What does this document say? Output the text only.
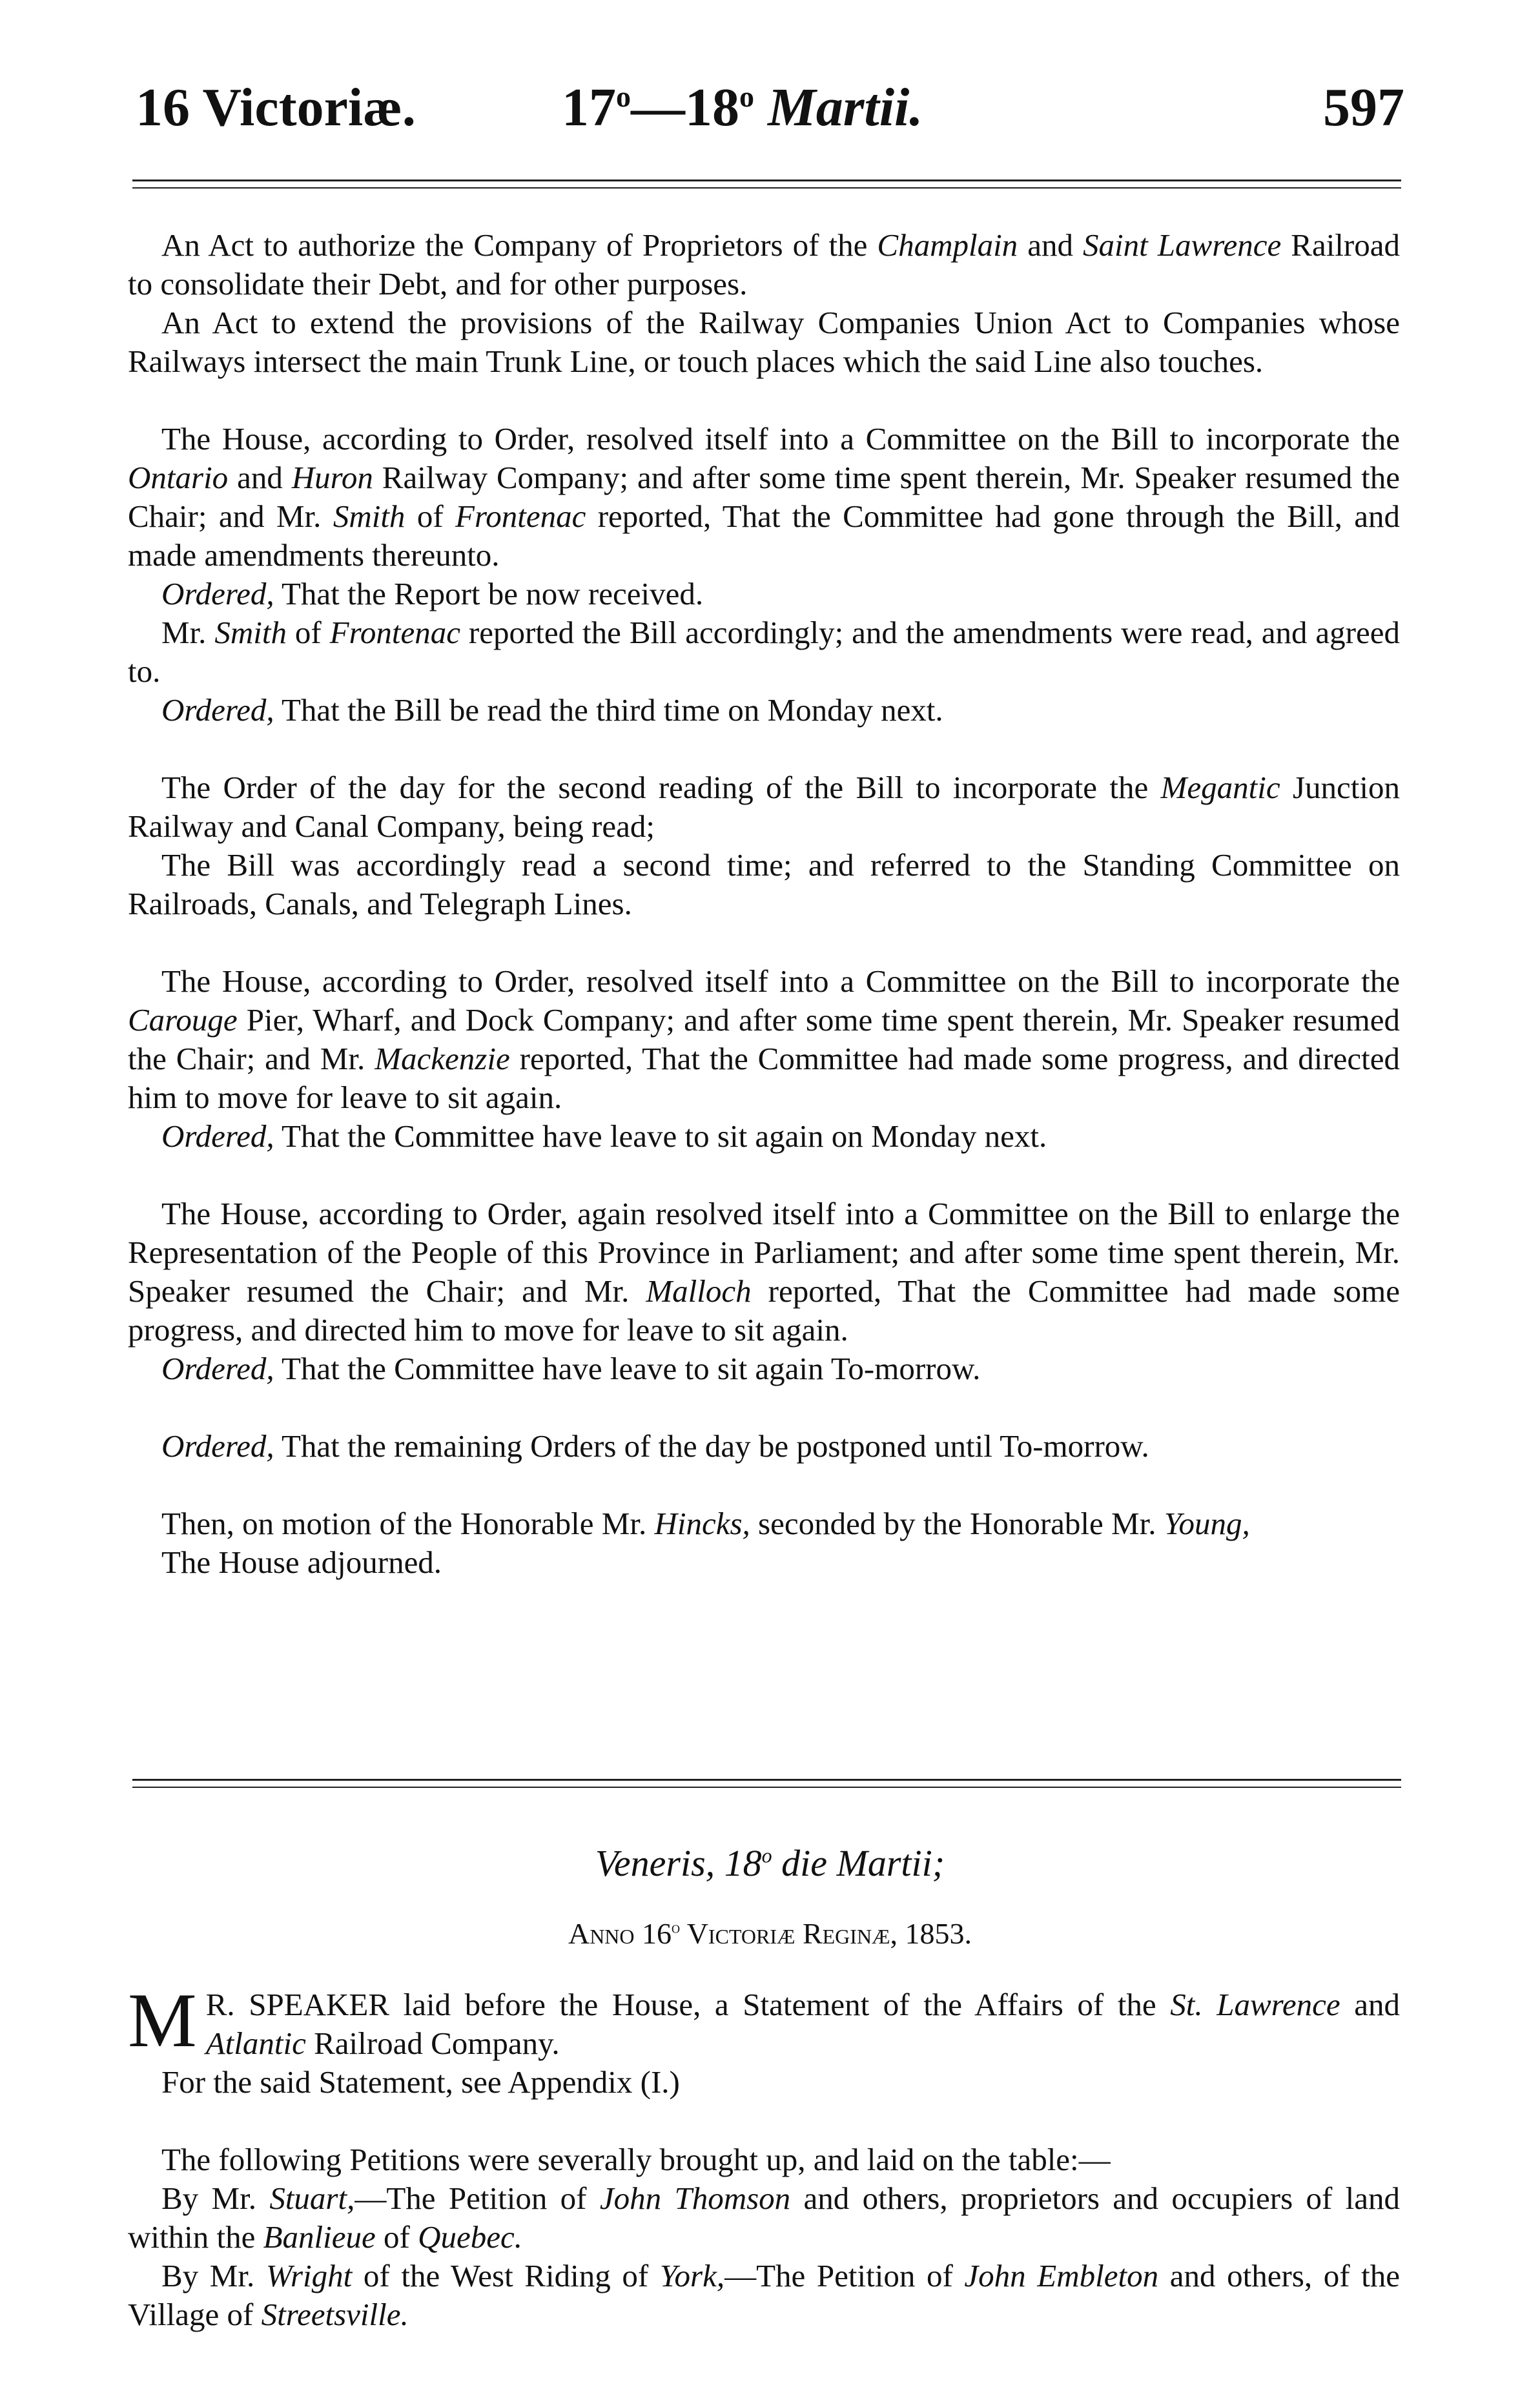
16 Victoriæ.	17$^o$—18$^o$ Martii.	597

An Act to authorize the Company of Proprietors of the Champlain and Saint Lawrence Railroad to consolidate their Debt, and for other purposes.

An Act to extend the provisions of the Railway Companies Union Act to Companies whose Railways intersect the main Trunk Line, or touch places which the said Line also touches.

The House, according to Order, resolved itself into a Committee on the Bill to incorporate the Ontario and Huron Railway Company; and after some time spent therein, Mr. Speaker resumed the Chair; and Mr. Smith of Frontenac reported, That the Committee had gone through the Bill, and made amendments thereunto.

Ordered, That the Report be now received.

Mr. Smith of Frontenac reported the Bill accordingly; and the amendments were read, and agreed to.

Ordered, That the Bill be read the third time on Monday next.

The Order of the day for the second reading of the Bill to incorporate the Megantic Junction Railway and Canal Company, being read;

The Bill was accordingly read a second time; and referred to the Standing Committee on Railroads, Canals, and Telegraph Lines.

The House, according to Order, resolved itself into a Committee on the Bill to incorporate the Carouge Pier, Wharf, and Dock Company; and after some time spent therein, Mr. Speaker resumed the Chair; and Mr. Mackenzie reported, That the Committee had made some progress, and directed him to move for leave to sit again.

Ordered, That the Committee have leave to sit again on Monday next.

The House, according to Order, again resolved itself into a Committee on the Bill to enlarge the Representation of the People of this Province in Parliament; and after some time spent therein, Mr. Speaker resumed the Chair; and Mr. Malloch reported, That the Committee had made some progress, and directed him to move for leave to sit again.

Ordered, That the Committee have leave to sit again To-morrow.

Ordered, That the remaining Orders of the day be postponed until To-morrow.

Then, on motion of the Honorable Mr. Hincks, seconded by the Honorable Mr. Young,

The House adjourned.

Veneris, 18$^o$ die Martii;
Anno 16$^o$ Victoriæ Reginæ, 1853.

M R. SPEAKER laid before the House, a Statement of the Affairs of the St. Lawrence and Atlantic Railroad Company.

For the said Statement, see Appendix (I.)

The following Petitions were severally brought up, and laid on the table:—

By Mr. Stuart,—The Petition of John Thomson and others, proprietors and occupiers of land within the Banlieue of Quebec.

By Mr. Wright of the West Riding of York,—The Petition of John Embleton and others, of the Village of Streetsville.
